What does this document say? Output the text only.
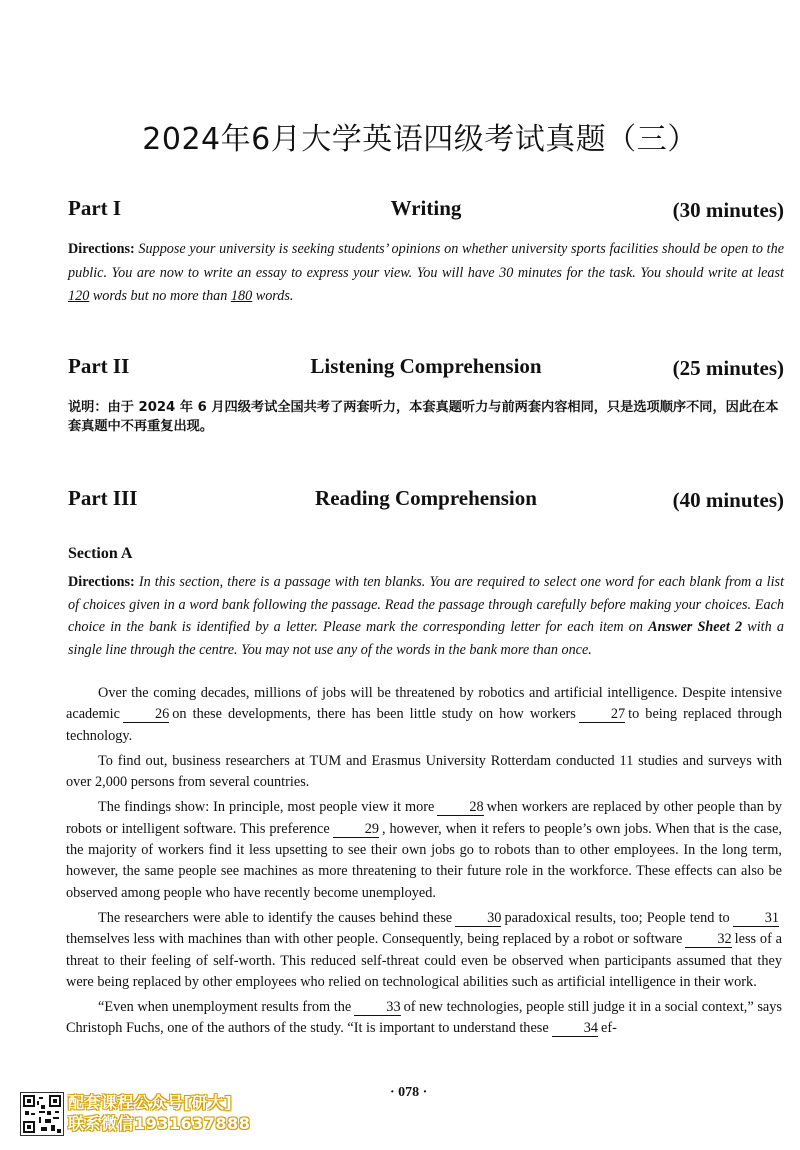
2024年6月大学英语四级考试真题（三）
Part I	Writing	(30 minutes)
Directions: Suppose your university is seeking students’ opinions on whether university sports facilities should be open to the public. You are now to write an essay to express your view. You will have 30 minutes for the task. You should write at least 120 words but no more than 180 words.
Part II	Listening Comprehension	(25 minutes)
说明：由于 2024 年 6 月四级考试全国共考了两套听力，本套真题听力与前两套内容相同，只是选项顺序不同，因此在本套真题中不再重复出现。
Part III	Reading Comprehension	(40 minutes)
Section A
Directions: In this section, there is a passage with ten blanks. You are required to select one word for each blank from a list of choices given in a word bank following the passage. Read the passage through carefully before making your choices. Each choice in the bank is identified by a letter. Please mark the corresponding letter for each item on Answer Sheet 2 with a single line through the centre. You may not use any of the words in the bank more than once.

Over the coming decades, millions of jobs will be threatened by robotics and artificial intelligence. Despite intensive academic 26 on these developments, there has been little study on how workers 27 to being replaced through technology.

To find out, business researchers at TUM and Erasmus University Rotterdam conducted 11 studies and surveys with over 2,000 persons from several countries.

The findings show: In principle, most people view it more 28 when workers are replaced by other people than by robots or intelligent software. This preference 29 , however, when it refers to people’s own jobs. When that is the case, the majority of workers find it less upsetting to see their own jobs go to robots than to other employees. In the long term, however, the same people see machines as more threatening to their future role in the workforce. These effects can also be observed among people who have recently become unemployed.

The researchers were able to identify the causes behind these 30 paradoxical results, too; People tend to 31themselves less with machines than with other people. Consequently, being replaced by a robot or software 32 less of a threat to their feeling of self-worth. This reduced self-threat could even be observed when participants assumed that they were being replaced by other employees who relied on technological abilities such as artificial intelligence in their work.

“Even when unemployment results from the 33 of new technologies, people still judge it in a social context,” says Christoph Fuchs, one of the authors of the study. “It is important to understand these 34 ef-

· 078 ·
配套课程公众号[研大]
联系微信1931637888
